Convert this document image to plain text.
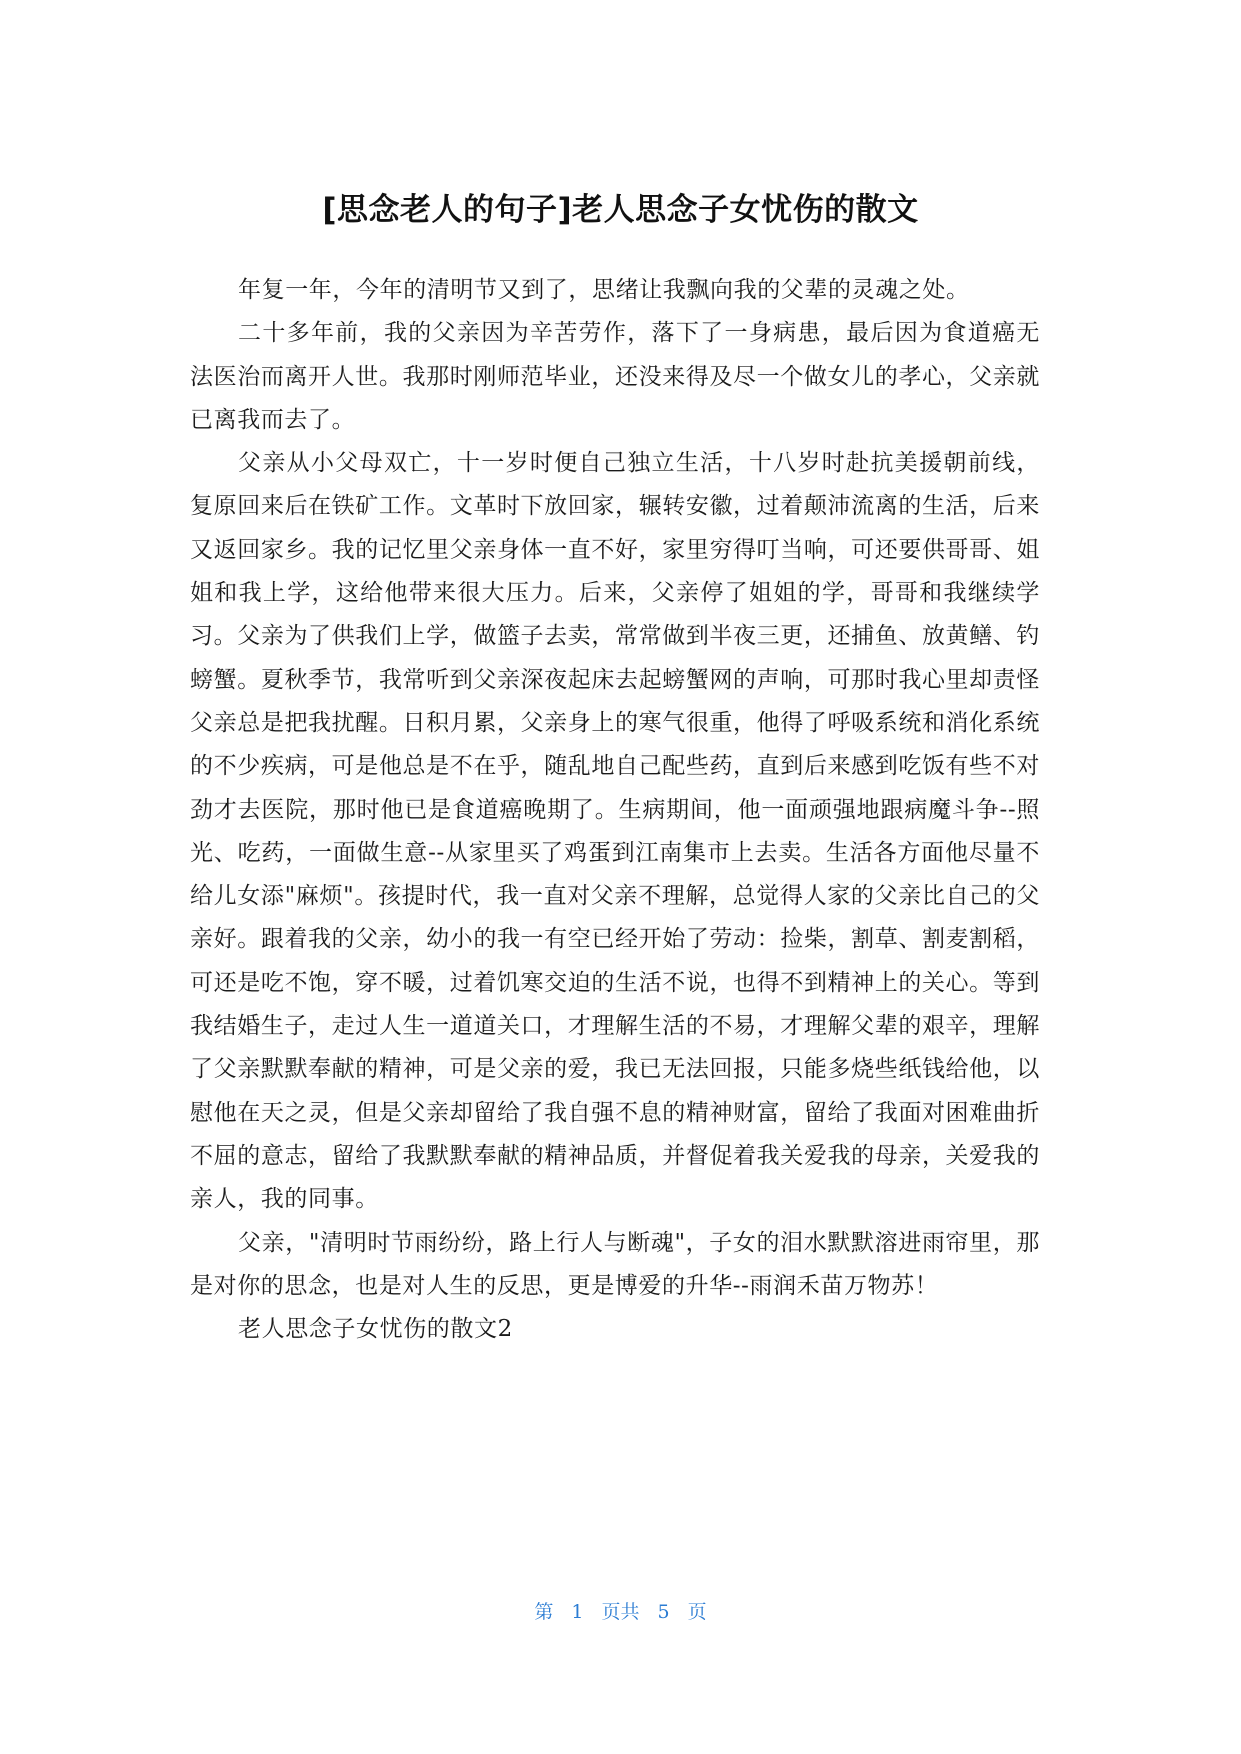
[思念老人的句子]老人思念子女忧伤的散文

年复一年，今年的清明节又到了，思绪让我飘向我的父辈的灵魂之处。

二十多年前，我的父亲因为辛苦劳作，落下了一身病患，最后因为食道癌无法医治而离开人世。我那时刚师范毕业，还没来得及尽一个做女儿的孝心，父亲就已离我而去了。

父亲从小父母双亡，十一岁时便自己独立生活，十八岁时赴抗美援朝前线，复原回来后在铁矿工作。文革时下放回家，辗转安徽，过着颠沛流离的生活，后来又返回家乡。我的记忆里父亲身体一直不好，家里穷得叮当响，可还要供哥哥、姐姐和我上学，这给他带来很大压力。后来，父亲停了姐姐的学，哥哥和我继续学习。父亲为了供我们上学，做篮子去卖，常常做到半夜三更，还捕鱼、放黄鳝、钓螃蟹。夏秋季节，我常听到父亲深夜起床去起螃蟹网的声响，可那时我心里却责怪父亲总是把我扰醒。日积月累，父亲身上的寒气很重，他得了呼吸系统和消化系统的不少疾病，可是他总是不在乎，随乱地自己配些药，直到后来感到吃饭有些不对劲才去医院，那时他已是食道癌晚期了。生病期间，他一面顽强地跟病魔斗争--照光、吃药，一面做生意--从家里买了鸡蛋到江南集市上去卖。生活各方面他尽量不给儿女添"麻烦"。孩提时代，我一直对父亲不理解，总觉得人家的父亲比自己的父亲好。跟着我的父亲，幼小的我一有空已经开始了劳动：捡柴，割草、割麦割稻，可还是吃不饱，穿不暖，过着饥寒交迫的生活不说，也得不到精神上的关心。等到我结婚生子，走过人生一道道关口，才理解生活的不易，才理解父辈的艰辛，理解了父亲默默奉献的精神，可是父亲的爱，我已无法回报，只能多烧些纸钱给他，以慰他在天之灵，但是父亲却留给了我自强不息的精神财富，留给了我面对困难曲折不屈的意志，留给了我默默奉献的精神品质，并督促着我关爱我的母亲，关爱我的亲人，我的同事。

父亲，"清明时节雨纷纷，路上行人与断魂"，子女的泪水默默溶进雨帘里，那是对你的思念，也是对人生的反思，更是博爱的升华--雨润禾苗万物苏！

老人思念子女忧伤的散文2

第 1 页共 5 页
